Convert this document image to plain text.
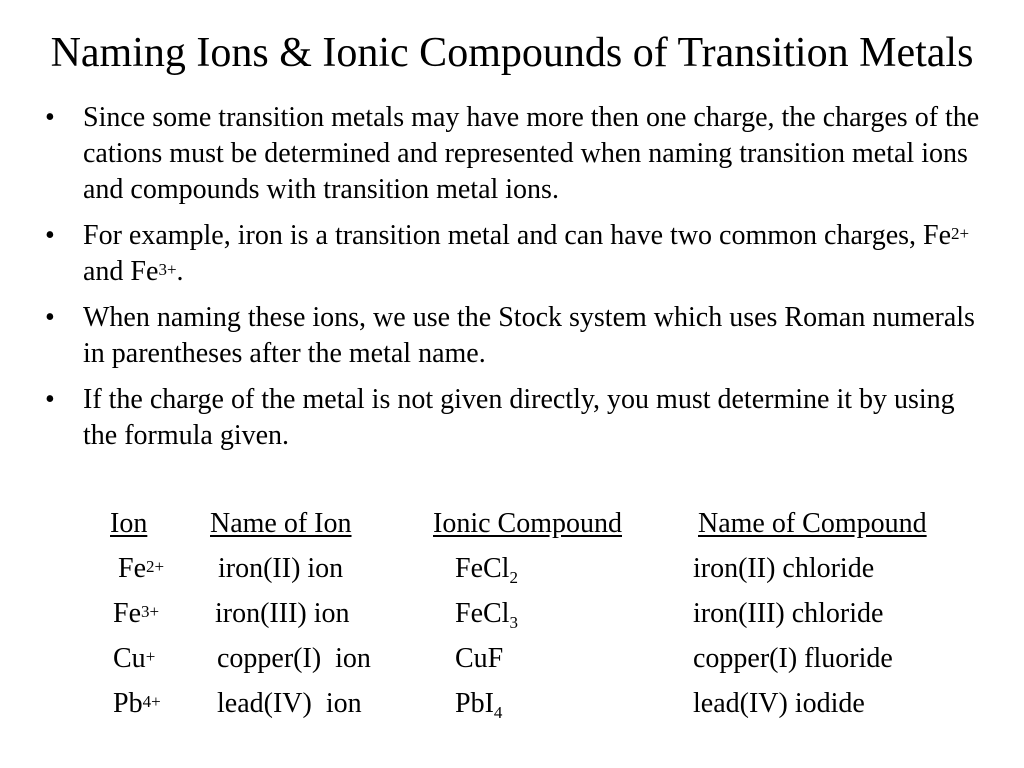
Naming Ions & Ionic Compounds of Transition Metals
• Since some transition metals may have more then one charge, the charges of the cations must be determined and represented when naming transition metal ions and compounds with transition metal ions.
• For example, iron is a transition metal and can have two common charges, $Fe^{2+}$ and $Fe^{3+}$.
• When naming these ions, we use the Stock system which uses Roman numerals in parentheses after the metal name.
• If the charge of the metal is not given directly, you must determine it by using the formula given.
Ion Name of Ion	Ionic Compound	Name of Compound
$Fe^{2+}$ iron(II) ion	FeCl$_2$	iron(II) chloride
$Fe^{3+}$ iron(III) ion	FeCl$_3$	iron(III) chloride
Cu+ copper(I)  ion	CuF	copper(I) fluoride
$Pb^{4+}$ lead(IV)  ion	PbI$_4$	lead(IV) iodide
